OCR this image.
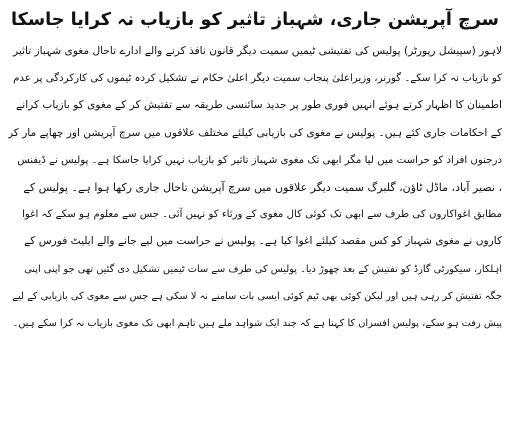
سرچ آپریشن جاری، شہباز تاثیر کو بازیاب نہ کرایا جاسکا
لاہور (سپیشل رپورٹر) پولیس کی تفتیشی ٹیمیں سمیت دیگر قانون نافذ کرنے والے ادارے تاحال مغوی شہباز تاثیر
کو بازیاب نہ کرا سکے۔ گورنر، وزیراعلیٰ پنجاب سمیت دیگر اعلیٰ حکام نے تشکیل کردہ ٹیموں کی کارکردگی پر عدم
اطمینان کا اظہار کرتے ہوئے انہیں فوری طور پر جدید سائنسی طریقہ سے تفتیش کر کے مغوی کو بازیاب کرانے
کے احکامات جاری کئے ہیں۔ پولیس نے مغوی کی بازیابی کیلئے مختلف علاقوں میں سرچ آپریشن اور چھاپے مار کر
درجنوں افراد کو حراست میں لیا مگر ابھی تک مغوی شہباز تاثیر کو بازیاب نہیں کرایا جاسکا ہے۔ پولیس نے ڈیفنس
، نصیر آباد، ماڈل ٹاؤن، گلبرگ سمیت دیگر علاقوں میں سرچ آپریشن تاحال جاری رکھا ہوا ہے۔ پولیس کے
مطابق اغواکاروں کی طرف سے ابھی تک کوئی کال مغوی کے ورثاء کو نہیں آئی۔ جس سے معلوم ہو سکے کہ اغوا
کاروں نے مغوی شہباز کو کس مقصد کیلئے اغوا کیا ہے۔ پولیس نے حراست میں لیے جانے والے ایلیٹ فورس کے
اہلکار، سیکورٹی گارڈ کو تفتیش کے بعد چھوڑ دیا۔ پولیس کی طرف سے سات ٹیمیں تشکیل دی گئیں تھی جو اپنی اپنی
جگہ تفتیش کر رہی ہیں اور لیکن کوئی بھی ٹیم کوئی ایسی بات سامنے نہ لا سکی ہے جس سے مغوی کی بازیابی کے لیے
پیش رفت ہو سکے، پولیس افسران کا کہنا ہے کہ چند ایک شواہد ملے ہیں تاہم ابھی تک مغوی بازیاب نہ کرا سکے ہیں۔
